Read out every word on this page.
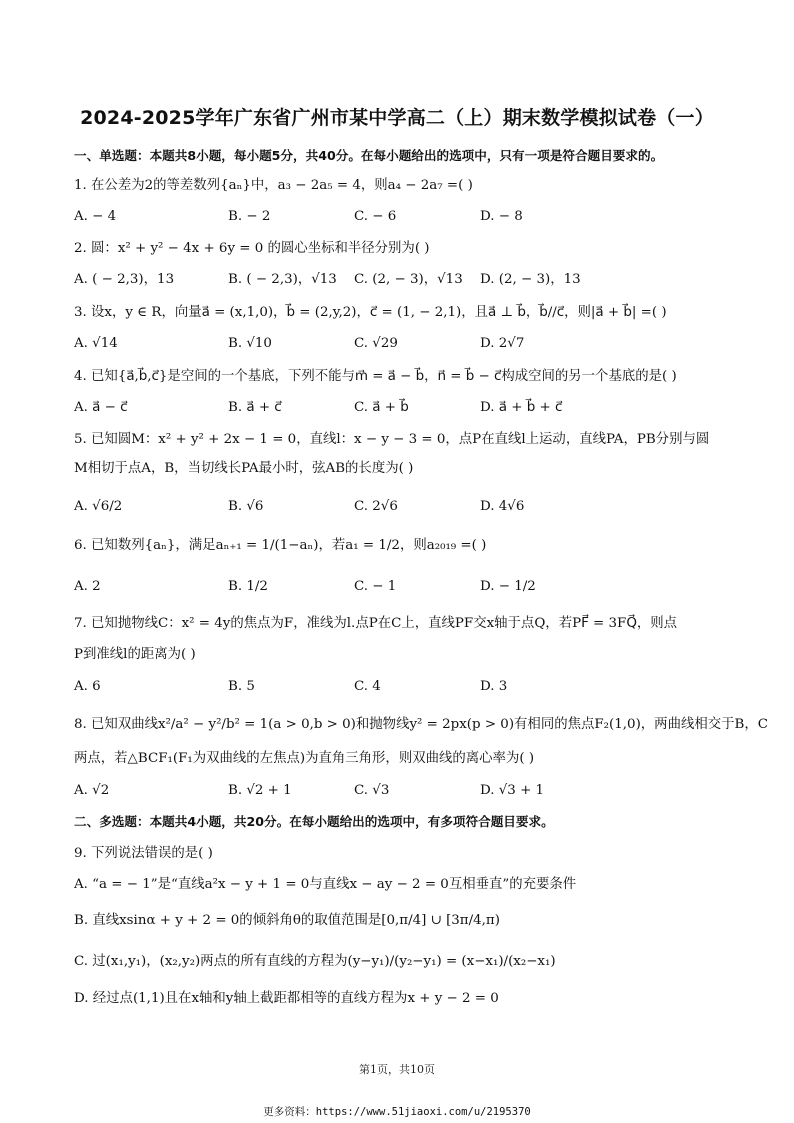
2024-2025学年广东省广州市某中学高二（上）期末数学模拟试卷（一）
一、单选题：本题共8小题，每小题5分，共40分。在每小题给出的选项中，只有一项是符合题目要求的。
1. 在公差为2的等差数列{aₙ}中，a₃ − 2a₅ = 4，则a₄ − 2a₇ =( )
A. − 4	B. − 2	C. − 6	D. − 8
2. 圆：x² + y² − 4x + 6y = 0 的圆心坐标和半径分别为( )
A. ( − 2,3)，13	B. ( − 2,3)，√13 C. (2, − 3)，√13 D. (2, − 3)，13
3. 设x，y ∈ R，向量a⃗ = (x,1,0)，b⃗ = (2,y,2)，c⃗ = (1, − 2,1)，且a⃗ ⊥ b⃗，b⃗//c⃗，则|a⃗ + b⃗| =( )
A. √14	B. √10	C. √29	D. 2√7
4. 已知{a⃗,b⃗,c⃗}是空间的一个基底，下列不能与m⃗ = a⃗ − b⃗，n⃗ = b⃗ − c⃗构成空间的另一个基底的是( )
A. a⃗ − c⃗	B. a⃗ + c⃗	C. a⃗ + b⃗	D. a⃗ + b⃗ + c⃗
5. 已知圆M：x² + y² + 2x − 1 = 0，直线l：x − y − 3 = 0，点P在直线l上运动，直线PA，PB分别与圆
M相切于点A，B，当切线长PA最小时，弦AB的长度为( )
A. √6/2	B. √6	C. 2√6	D. 4√6
6. 已知数列{aₙ}，满足aₙ₊₁ = 1/(1−aₙ)，若a₁ = 1/2，则a₂₀₁₉ =( )
A. 2	B. 1/2	C. − 1	D. − 1/2
7. 已知抛物线C：x² = 4y的焦点为F，准线为l.点P在C上，直线PF交x轴于点Q，若PF⃗ = 3FQ⃗，则点
P到准线l的距离为( )
A. 6	B. 5	C. 4	D. 3
8. 已知双曲线x²/a² − y²/b² = 1(a > 0,b > 0)和抛物线y² = 2px(p > 0)有相同的焦点F₂(1,0)，两曲线相交于B，C
两点，若△BCF₁(F₁为双曲线的左焦点)为直角三角形，则双曲线的离心率为( )
A. √2	B. √2 + 1	C. √3	D. √3 + 1
二、多选题：本题共4小题，共20分。在每小题给出的选项中，有多项符合题目要求。
9. 下列说法错误的是( )
A. “a = − 1”是“直线a²x − y + 1 = 0与直线x − ay − 2 = 0互相垂直”的充要条件
B. 直线xsinα + y + 2 = 0的倾斜角θ的取值范围是[0,π/4] ∪ [3π/4,π)
C. 过(x₁,y₁)，(x₂,y₂)两点的所有直线的方程为(y−y₁)/(y₂−y₁) = (x−x₁)/(x₂−x₁)
D. 经过点(1,1)且在x轴和y轴上截距都相等的直线方程为x + y − 2 = 0
第1页，共10页
更多资料：https://www.51jiaoxi.com/u/2195370
